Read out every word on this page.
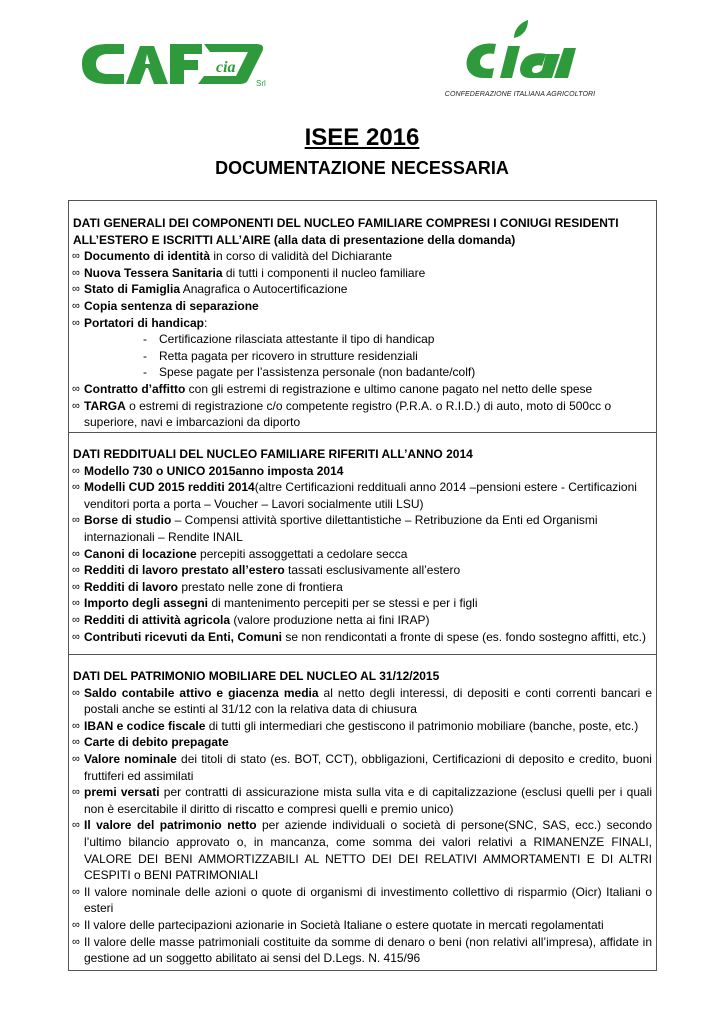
cia
Srl
CONFEDERAZIONE ITALIANA AGRICOLTORI
ISEE 2016
DOCUMENTAZIONE NECESSARIA
DATI GENERALI DEI COMPONENTI DEL NUCLEO FAMILIARE COMPRESI I CONIUGI RESIDENTI ALL’ESTERO E ISCRITTI ALL’AIRE (alla data di presentazione della domanda)
∞ Documento di identità in corso di validità del Dichiarante
∞ Nuova Tessera Sanitaria di tutti i componenti il nucleo familiare
∞ Stato di Famiglia Anagrafica o Autocertificazione
∞ Copia sentenza di separazione
∞ Portatori di handicap:
- Certificazione rilasciata attestante il tipo di handicap
- Retta pagata per ricovero in strutture residenziali
- Spese pagate per l’assistenza personale (non badante/colf)
∞ Contratto d’affitto con gli estremi di registrazione e ultimo canone pagato nel netto delle spese
∞ TARGA o estremi di registrazione c/o competente registro (P.R.A. o R.I.D.) di auto, moto di 500cc o superiore, navi e imbarcazioni da diporto
DATI REDDITUALI DEL NUCLEO FAMILIARE RIFERITI ALL’ANNO 2014
∞ Modello 730 o UNICO 2015anno imposta 2014
∞ Modelli CUD 2015 redditi 2014(altre Certificazioni reddituali anno 2014 –pensioni estere - Certificazioni venditori porta a porta – Voucher – Lavori socialmente utili LSU)
∞ Borse di studio – Compensi attività sportive dilettantistiche – Retribuzione da Enti ed Organismi internazionali – Rendite INAIL
∞ Canoni di locazione percepiti assoggettati a cedolare secca
∞ Redditi di lavoro prestato all’estero tassati esclusivamente all’estero
∞ Redditi di lavoro prestato nelle zone di frontiera
∞ Importo degli assegni di mantenimento percepiti per se stessi e per i figli
∞ Redditi di attività agricola (valore produzione netta ai fini IRAP)
∞ Contributi ricevuti da Enti, Comuni se non rendicontati a fronte di spese (es. fondo sostegno affitti, etc.)
DATI DEL PATRIMONIO MOBILIARE DEL NUCLEO AL 31/12/2015
∞ Saldo contabile attivo e giacenza media al netto degli interessi, di depositi e conti correnti bancari e postali anche se estinti al 31/12 con la relativa data di chiusura
∞ IBAN e codice fiscale di tutti gli intermediari che gestiscono il patrimonio mobiliare (banche, poste, etc.)
∞ Carte di debito prepagate
∞ Valore nominale dei titoli di stato (es. BOT, CCT), obbligazioni, Certificazioni di deposito e credito, buoni fruttiferi ed assimilati
∞ premi versati per contratti di assicurazione mista sulla vita e di capitalizzazione (esclusi quelli per i quali non è esercitabile il diritto di riscatto e compresi quelli e premio unico)
∞ Il valore del patrimonio netto per aziende individuali o società di persone(SNC, SAS, ecc.) secondo l’ultimo bilancio approvato o, in mancanza, come somma dei valori relativi a RIMANENZE FINALI, VALORE DEI BENI AMMORTIZZABILI AL NETTO DEI DEI RELATIVI AMMORTAMENTI E DI ALTRI CESPITI o BENI PATRIMONIALI
∞ Il valore nominale delle azioni o quote di organismi di investimento collettivo di risparmio (Oicr) Italiani o esteri
∞ Il valore delle partecipazioni azionarie in Società Italiane o estere quotate in mercati regolamentati
∞ Il valore delle masse patrimoniali costituite da somme di denaro o beni (non relativi all’impresa), affidate in gestione ad un soggetto abilitato ai sensi del D.Legs. N. 415/96
